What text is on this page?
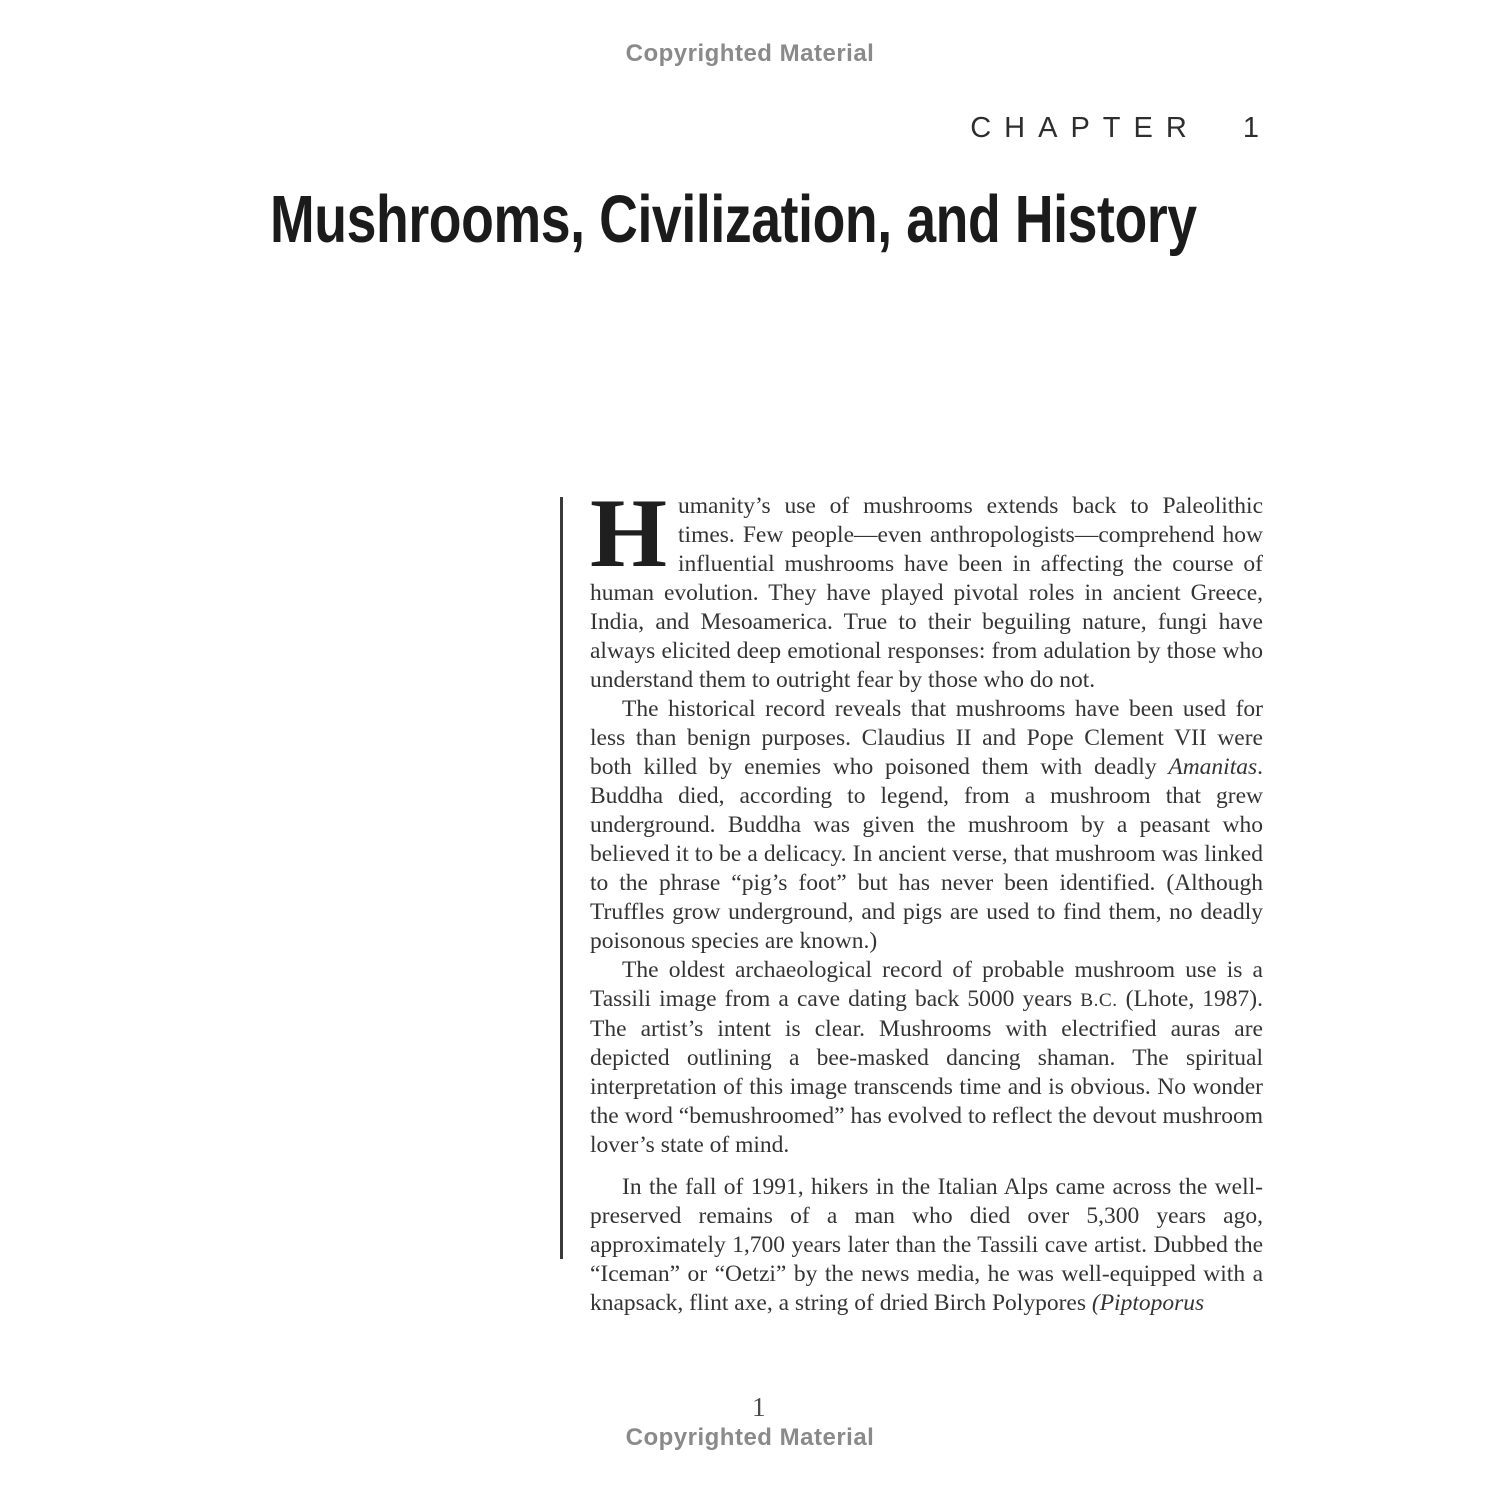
Copyrighted Material
CHAPTER 1
Mushrooms, Civilization, and History

Humanity’s use of mushrooms extends back to Paleolithic times. Few people—even anthropologists—comprehend how influential mushrooms have been in affecting the course of human evolution. They have played pivotal roles in ancient Greece, India, and Mesoamerica. True to their beguiling nature, fungi have always elicited deep emotional responses: from adulation by those who understand them to outright fear by those who do not.

The historical record reveals that mushrooms have been used for less than benign purposes. Claudius II and Pope Clement VII were both killed by enemies who poisoned them with deadly Amanitas. Buddha died, according to legend, from a mushroom that grew underground. Buddha was given the mushroom by a peasant who believed it to be a delicacy. In ancient verse, that mushroom was linked to the phrase “pig’s foot” but has never been identified. (Although Truffles grow underground, and pigs are used to find them, no deadly poisonous species are known.)

The oldest archaeological record of probable mushroom use is a Tassili image from a cave dating back 5000 years B.C. (Lhote, 1987). The artist’s intent is clear. Mushrooms with electrified auras are depicted outlining a bee-masked dancing shaman. The spiritual interpretation of this image transcends time and is obvious. No wonder the word “bemushroomed” has evolved to reflect the devout mushroom lover’s state of mind.

In the fall of 1991, hikers in the Italian Alps came across the well-preserved remains of a man who died over 5,300 years ago, approximately 1,700 years later than the Tassili cave artist. Dubbed the “Iceman” or “Oetzi” by the news media, he was well-equipped with a knapsack, flint axe, a string of dried Birch Polypores (Piptoporus

1
Copyrighted Material
